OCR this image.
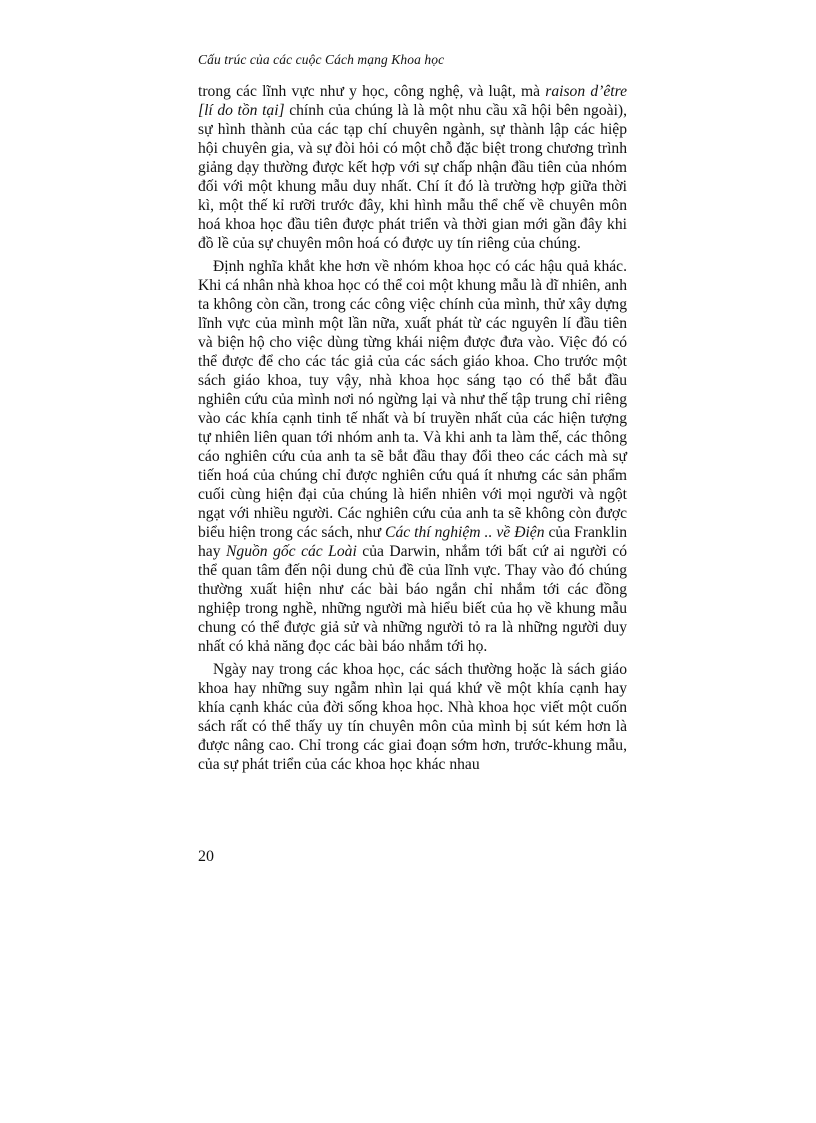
Cấu trúc của các cuộc Cách mạng Khoa học

trong các lĩnh vực như y học, công nghệ, và luật, mà raison d’être [lí do tồn tại] chính của chúng là là một nhu cầu xã hội bên ngoài), sự hình thành của các tạp chí chuyên ngành, sự thành lập các hiệp hội chuyên gia, và sự đòi hỏi có một chỗ đặc biệt trong chương trình giảng dạy thường được kết hợp với sự chấp nhận đầu tiên của nhóm đối với một khung mẫu duy nhất. Chí ít đó là trường hợp giữa thời kì, một thế kỉ rưỡi trước đây, khi hình mẫu thể chế về chuyên môn hoá khoa học đầu tiên được phát triển và thời gian mới gần đây khi đồ lề của sự chuyên môn hoá có được uy tín riêng của chúng.

Định nghĩa khắt khe hơn về nhóm khoa học có các hậu quả khác. Khi cá nhân nhà khoa học có thể coi một khung mẫu là dĩ nhiên, anh ta không còn cần, trong các công việc chính của mình, thử xây dựng lĩnh vực của mình một lần nữa, xuất phát từ các nguyên lí đầu tiên và biện hộ cho việc dùng từng khái niệm được đưa vào. Việc đó có thể được để cho các tác giả của các sách giáo khoa. Cho trước một sách giáo khoa, tuy vậy, nhà khoa học sáng tạo có thể bắt đầu nghiên cứu của mình nơi nó ngừng lại và như thế tập trung chỉ riêng vào các khía cạnh tinh tế nhất và bí truyền nhất của các hiện tượng tự nhiên liên quan tới nhóm anh ta. Và khi anh ta làm thế, các thông cáo nghiên cứu của anh ta sẽ bắt đầu thay đổi theo các cách mà sự tiến hoá của chúng chỉ được nghiên cứu quá ít nhưng các sản phẩm cuối cùng hiện đại của chúng là hiển nhiên với mọi người và ngột ngạt với nhiều người. Các nghiên cứu của anh ta sẽ không còn được biểu hiện trong các sách, như Các thí nghiệm .. về Điện của Franklin hay Nguồn gốc các Loài của Darwin, nhắm tới bất cứ ai người có thể quan tâm đến nội dung chủ đề của lĩnh vực. Thay vào đó chúng thường xuất hiện như các bài báo ngắn chỉ nhắm tới các đồng nghiệp trong nghề, những người mà hiểu biết của họ về khung mẫu chung có thể được giả sử và những người tỏ ra là những người duy nhất có khả năng đọc các bài báo nhắm tới họ.

Ngày nay trong các khoa học, các sách thường hoặc là sách giáo khoa hay những suy ngẫm nhìn lại quá khứ về một khía cạnh hay khía cạnh khác của đời sống khoa học. Nhà khoa học viết một cuốn sách rất có thể thấy uy tín chuyên môn của mình bị sút kém hơn là được nâng cao. Chỉ trong các giai đoạn sớm hơn, trước-khung mẫu, của sự phát triển của các khoa học khác nhau

20
